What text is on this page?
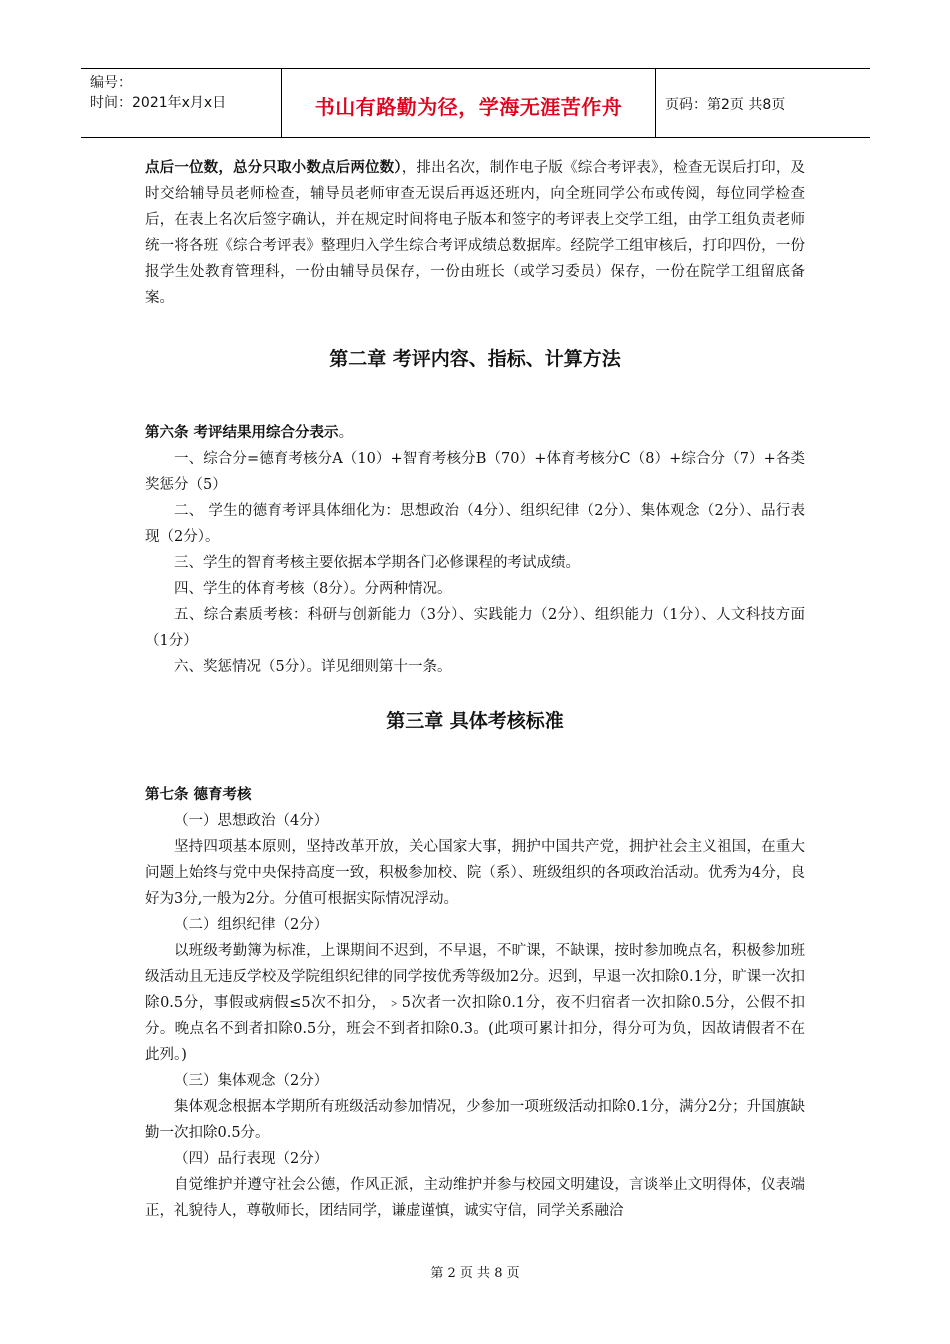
编号：
时间：2021年x月x日	书山有路勤为径，学海无涯苦作舟	页码：第2页 共8页

点后一位数，总分只取小数点后两位数），排出名次，制作电子版《综合考评表》，检查无误后打印，及时交给辅导员老师检查，辅导员老师审查无误后再返还班内，向全班同学公布或传阅，每位同学检查后，在表上名次后签字确认，并在规定时间将电子版本和签字的考评表上交学工组，由学工组负责老师统一将各班《综合考评表》整理归入学生综合考评成绩总数据库。经院学工组审核后，打印四份，一份报学生处教育管理科，一份由辅导员保存，一份由班长（或学习委员）保存，一份在院学工组留底备案。

第二章 考评内容、指标、计算方法

第六条 考评结果用综合分表示。

一、综合分=德育考核分A（10）+智育考核分B（70）+体育考核分C（8）+综合分（7）+各类奖惩分（5）

二、 学生的德育考评具体细化为：思想政治（4分）、组织纪律（2分）、集体观念（2分）、品行表现（2分）。

三、学生的智育考核主要依据本学期各门必修课程的考试成绩。

四、学生的体育考核（8分）。分两种情况。

五、综合素质考核：科研与创新能力（3分）、实践能力（2分）、组织能力（1分）、人文科技方面（1分）

六、奖惩情况（5分）。详见细则第十一条。

第三章 具体考核标准

第七条 德育考核

（一）思想政治（4分）

坚持四项基本原则，坚持改革开放，关心国家大事，拥护中国共产党，拥护社会主义祖国，在重大问题上始终与党中央保持高度一致，积极参加校、院（系）、班级组织的各项政治活动。优秀为4分，良好为3分,一般为2分。分值可根据实际情况浮动。

（二）组织纪律（2分）

以班级考勤簿为标准，上课期间不迟到，不早退，不旷课，不缺课，按时参加晚点名，积极参加班级活动且无违反学校及学院组织纪律的同学按优秀等级加2分。迟到，早退一次扣除0.1分，旷课一次扣除0.5分，事假或病假≤5次不扣分，﹥5次者一次扣除0.1分，夜不归宿者一次扣除0.5分，公假不扣分。晚点名不到者扣除0.5分，班会不到者扣除0.3。(此项可累计扣分，得分可为负，因故请假者不在此列。)

（三）集体观念（2分）

集体观念根据本学期所有班级活动参加情况，少参加一项班级活动扣除0.1分，满分2分；升国旗缺勤一次扣除0.5分。

（四）品行表现（2分）

自觉维护并遵守社会公德，作风正派，主动维护并参与校园文明建设，言谈举止文明得体，仪表端正，礼貌待人，尊敬师长，团结同学，谦虚谨慎，诚实守信，同学关系融洽

第 2 页 共 8 页
